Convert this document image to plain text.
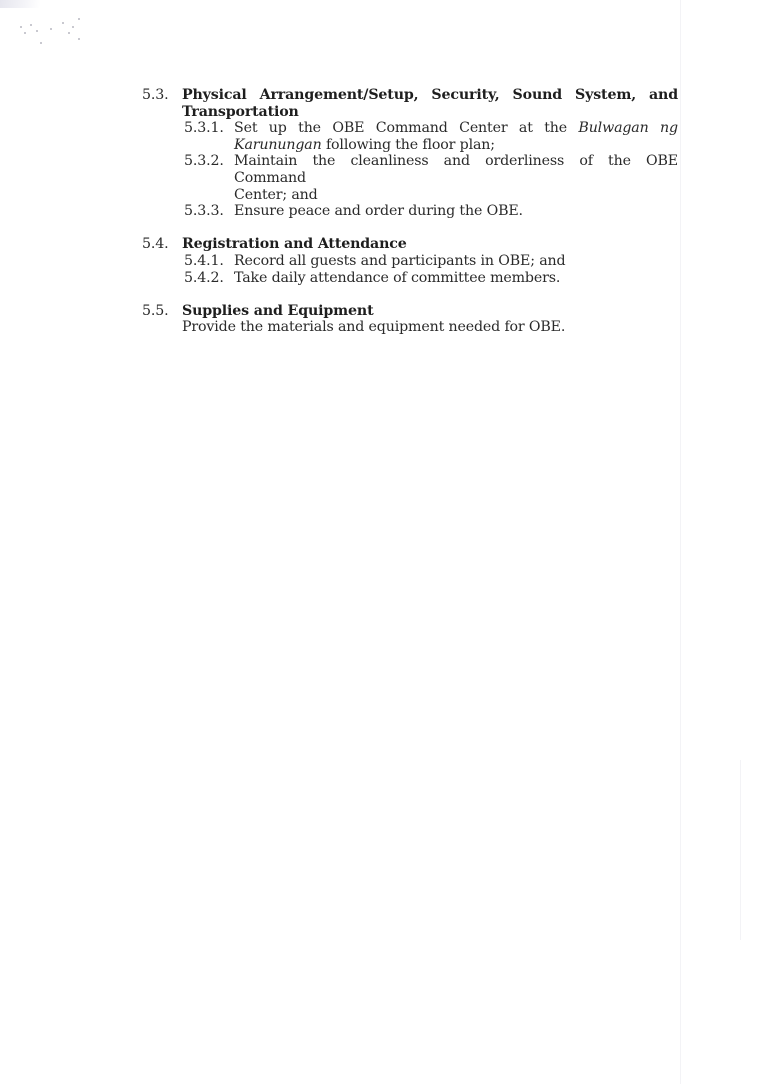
5.3. Physical Arrangement/Setup, Security, Sound System, and
Transportation
5.3.1. Set up the OBE Command Center at the Bulwagan ng
Karunungan following the floor plan;
5.3.2. Maintain the cleanliness and orderliness of the OBE Command
Center; and
5.3.3. Ensure peace and order during the OBE.
5.4. Registration and Attendance
5.4.1. Record all guests and participants in OBE; and
5.4.2. Take daily attendance of committee members.
5.5. Supplies and Equipment
Provide the materials and equipment needed for OBE.
